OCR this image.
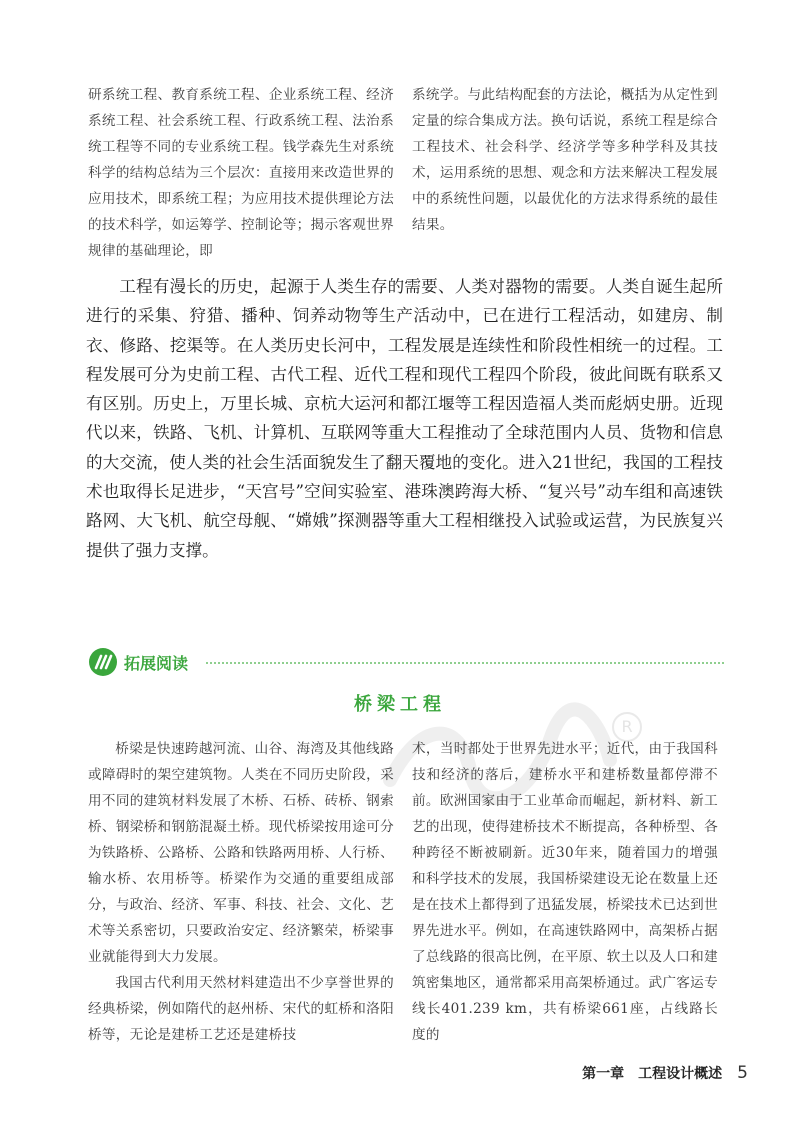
研系统工程、教育系统工程、企业系统工程、经济系统工程、社会系统工程、行政系统工程、法治系统工程等不同的专业系统工程。钱学森先生对系统科学的结构总结为三个层次：直接用来改造世界的应用技术，即系统工程；为应用技术提供理论方法的技术科学，如运筹学、控制论等；揭示客观世界规律的基础理论，即

系统学。与此结构配套的方法论，概括为从定性到定量的综合集成方法。换句话说，系统工程是综合工程技术、社会科学、经济学等多种学科及其技术，运用系统的思想、观念和方法来解决工程发展中的系统性问题，以最优化的方法求得系统的最佳结果。

工程有漫长的历史，起源于人类生存的需要、人类对器物的需要。人类自诞生起所进行的采集、狩猎、播种、饲养动物等生产活动中，已在进行工程活动，如建房、制衣、修路、挖渠等。在人类历史长河中，工程发展是连续性和阶段性相统一的过程。工程发展可分为史前工程、古代工程、近代工程和现代工程四个阶段，彼此间既有联系又有区别。历史上，万里长城、京杭大运河和都江堰等工程因造福人类而彪炳史册。近现代以来，铁路、飞机、计算机、互联网等重大工程推动了全球范围内人员、货物和信息的大交流，使人类的社会生活面貌发生了翻天覆地的变化。进入21世纪，我国的工程技术也取得长足进步，“天宫号”空间实验室、港珠澳跨海大桥、“复兴号”动车组和高速铁路网、大飞机、航空母舰、“嫦娥”探测器等重大工程相继投入试验或运营，为民族复兴提供了强力支撑。

拓展阅读
R
桥梁工程

桥梁是快速跨越河流、山谷、海湾及其他线路或障碍时的架空建筑物。人类在不同历史阶段，采用不同的建筑材料发展了木桥、石桥、砖桥、钢索桥、钢梁桥和钢筋混凝土桥。现代桥梁按用途可分为铁路桥、公路桥、公路和铁路两用桥、人行桥、输水桥、农用桥等。桥梁作为交通的重要组成部分，与政治、经济、军事、科技、社会、文化、艺术等关系密切，只要政治安定、经济繁荣，桥梁事业就能得到大力发展。

我国古代利用天然材料建造出不少享誉世界的经典桥梁，例如隋代的赵州桥、宋代的虹桥和洛阳桥等，无论是建桥工艺还是建桥技

术，当时都处于世界先进水平；近代，由于我国科技和经济的落后，建桥水平和建桥数量都停滞不前。欧洲国家由于工业革命而崛起，新材料、新工艺的出现，使得建桥技术不断提高，各种桥型、各种跨径不断被刷新。近30年来，随着国力的增强和科学技术的发展，我国桥梁建设无论在数量上还是在技术上都得到了迅猛发展，桥梁技术已达到世界先进水平。例如，在高速铁路网中，高架桥占据了总线路的很高比例，在平原、软土以及人口和建筑密集地区，通常都采用高架桥通过。武广客运专线长401.239 km，共有桥梁661座，占线路长度的

第一章　工程设计概述 5
